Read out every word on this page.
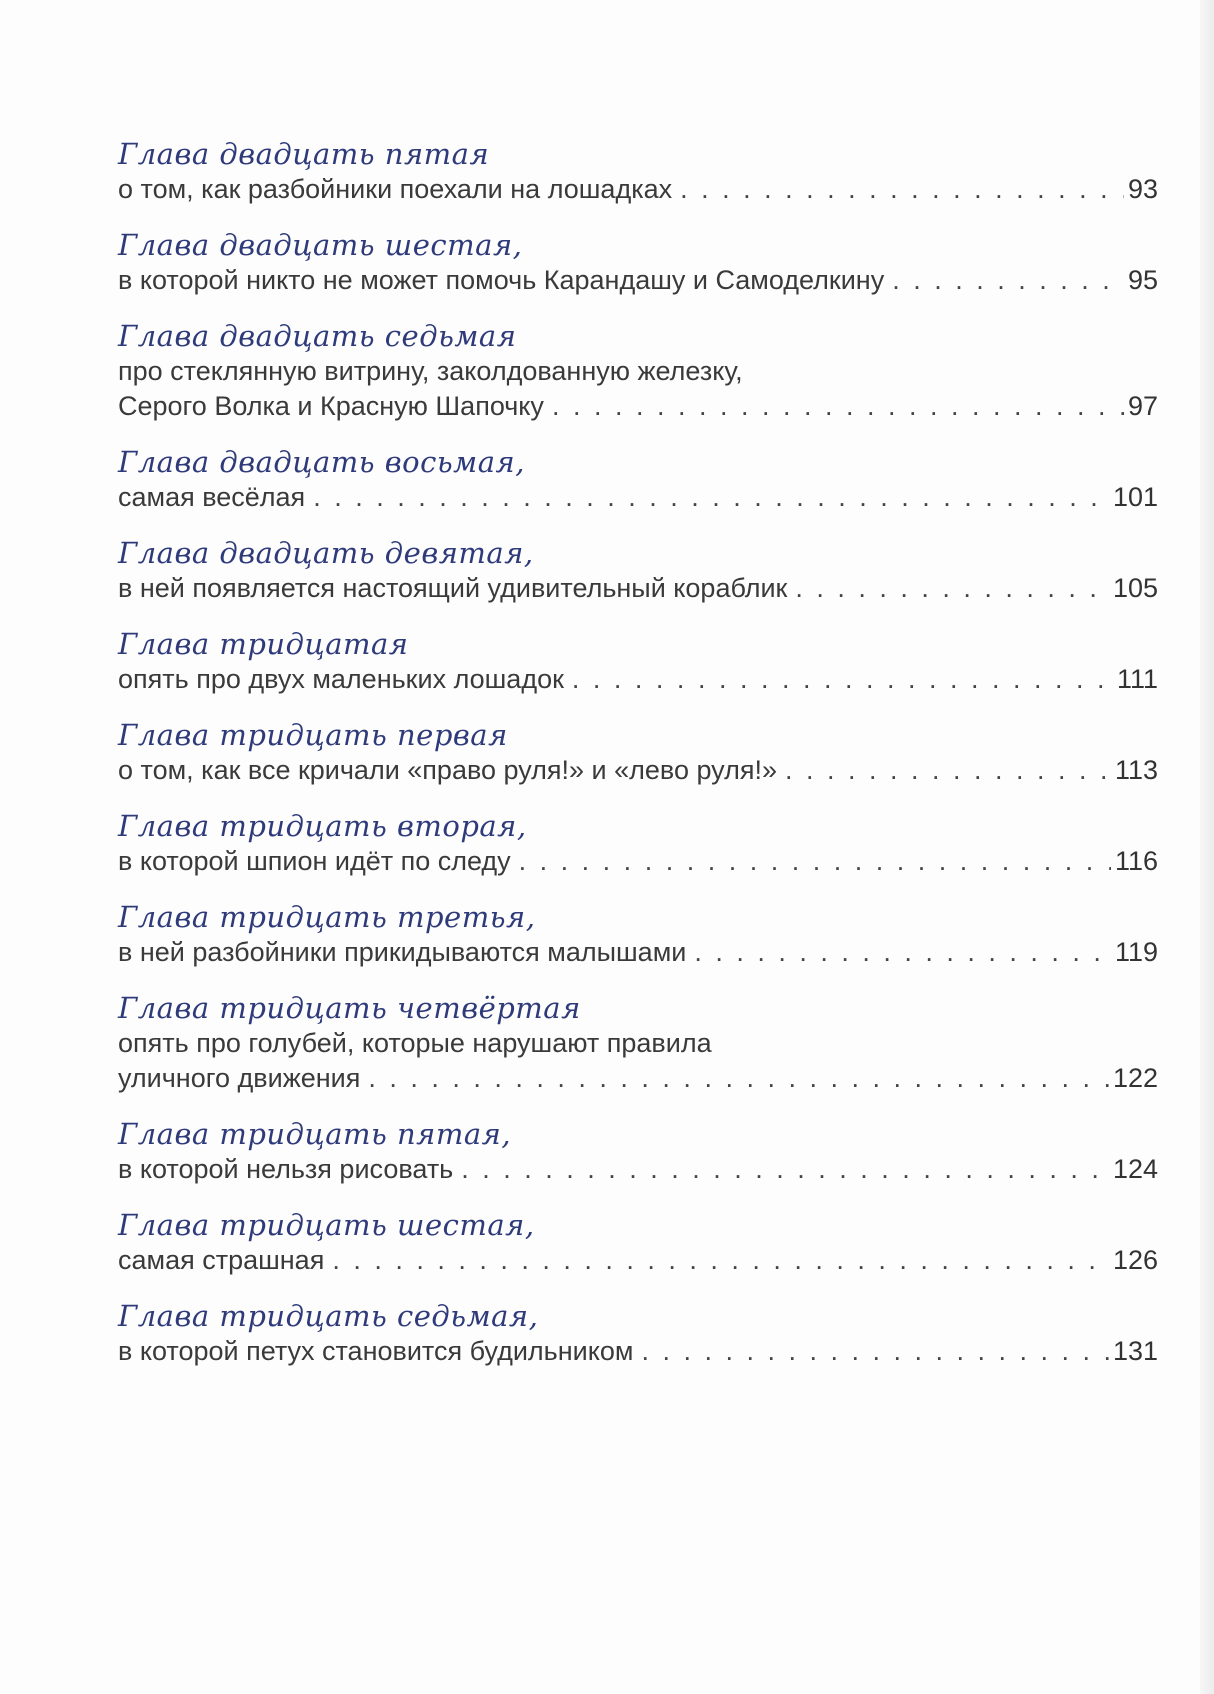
Глава двадцать пятая
о том, как разбойники поехали на лошадках . . .	93
Глава двадцать шестая,
в которой никто не может помочь Карандашу и Самоделкину . . .	95
Глава двадцать седьмая
про стеклянную витрину, заколдованную железку,
Серого Волка и Красную Шапочку . . .	97
Глава двадцать восьмая,
самая весёлая . . .	101
Глава двадцать девятая,
в ней появляется настоящий удивительный кораблик . . .	105
Глава тридцатая
опять про двух маленьких лошадок . . .	111
Глава тридцать первая
о том, как все кричали «право руля!» и «лево руля!» . . .	113
Глава тридцать вторая,
в которой шпион идёт по следу . . .	116
Глава тридцать третья,
в ней разбойники прикидываются малышами . . .	119
Глава тридцать четвёртая
опять про голубей, которые нарушают правила
уличного движения . . .	122
Глава тридцать пятая,
в которой нельзя рисовать . . .	124
Глава тридцать шестая,
самая страшная . . .	126
Глава тридцать седьмая,
в которой петух становится будильником . . .	131
